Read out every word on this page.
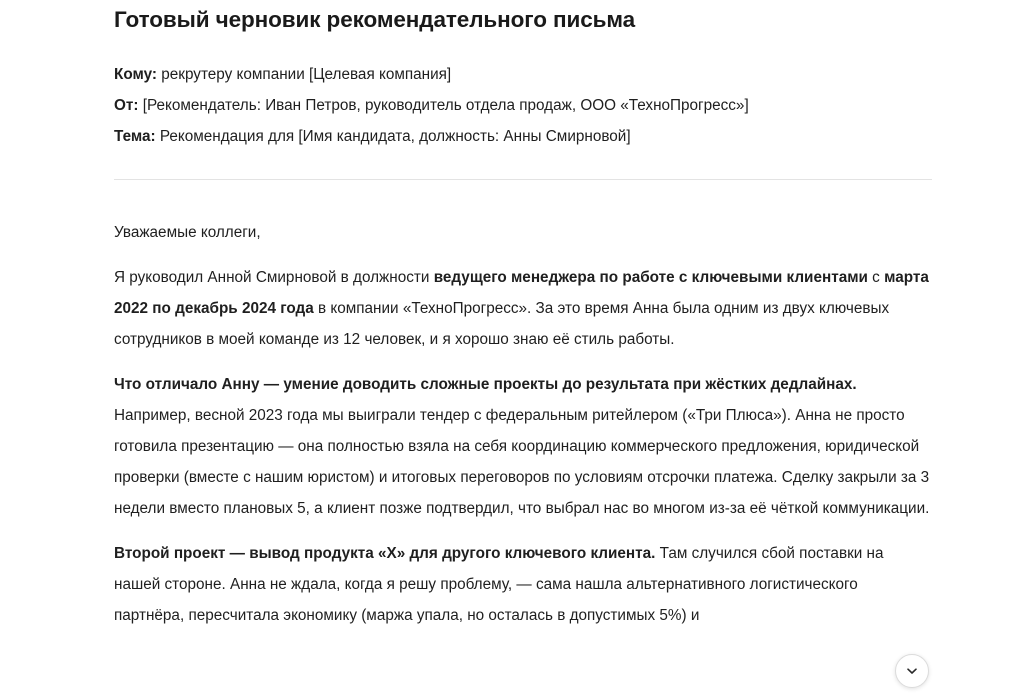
Готовый черновик рекомендательного письма
Кому: рекрутеру компании [Целевая компания]
От: [Рекомендатель: Иван Петров, руководитель отдела продаж, ООО «ТехноПрогресс»]
Тема: Рекомендация для [Имя кандидата, должность: Анны Смирновой]

Уважаемые коллеги,

Я руководил Анной Смирновой в должности ведущего менеджера по работе с ключевыми клиентами с марта 2022 по декабрь 2024 года в компании «ТехноПрогресс». За это время Анна была одним из двух ключевых сотрудников в моей команде из 12 человек, и я хорошо знаю её стиль работы.

Что отличало Анну — умение доводить сложные проекты до результата при жёстких дедлайнах. Например, весной 2023 года мы выиграли тендер с федеральным ритейлером («Три Плюса»). Анна не просто готовила презентацию — она полностью взяла на себя координацию коммерческого предложения, юридической проверки (вместе с нашим юристом) и итоговых переговоров по условиям отсрочки платежа. Сделку закрыли за 3 недели вместо плановых 5, а клиент позже подтвердил, что выбрал нас во многом из-за её чёткой коммуникации.

Второй проект — вывод продукта «X» для другого ключевого клиента. Там случился сбой поставки на нашей стороне. Анна не ждала, когда я решу проблему, — сама нашла альтернативного логистического партнёра, пересчитала экономику (маржа упала, но осталась в допустимых 5%) и
